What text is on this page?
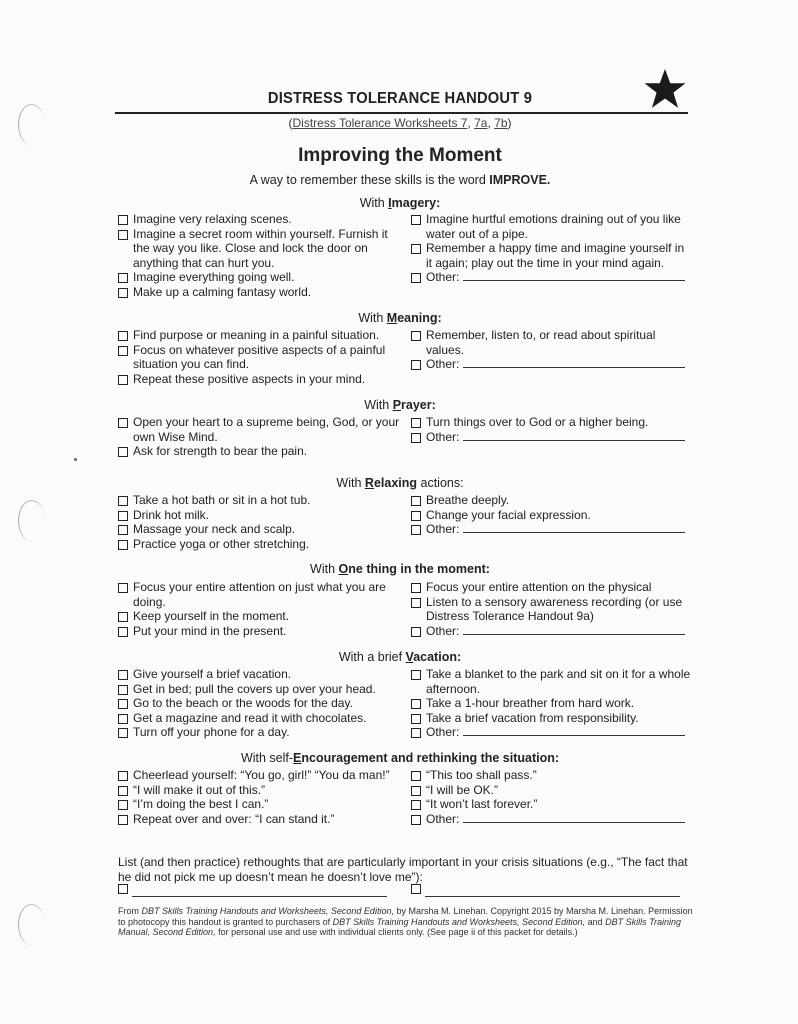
DISTRESS TOLERANCE HANDOUT 9
(Distress Tolerance Worksheets 7, 7a, 7b)
Improving the Moment
A way to remember these skills is the word IMPROVE.
With Imagery:
Imagine very relaxing scenes.
Imagine a secret room within yourself. Furnish it the way you like. Close and lock the door on anything that can hurt you.
Imagine everything going well.
Make up a calming fantasy world.
Imagine hurtful emotions draining out of you like water out of a pipe.
Remember a happy time and imagine yourself in it again; play out the time in your mind again.
Other:
With Meaning:
Find purpose or meaning in a painful situation.
Focus on whatever positive aspects of a painful situation you can find.
Repeat these positive aspects in your mind.
Remember, listen to, or read about spiritual values.
Other:
With Prayer:
Open your heart to a supreme being, God, or your own Wise Mind.
Ask for strength to bear the pain.
Turn things over to God or a higher being.
Other:
With Relaxing actions:
Take a hot bath or sit in a hot tub.
Drink hot milk.
Massage your neck and scalp.
Practice yoga or other stretching.
Breathe deeply.
Change your facial expression.
Other:
With One thing in the moment:
Focus your entire attention on just what you are doing.
Keep yourself in the moment.
Put your mind in the present.
Focus your entire attention on the physical
Listen to a sensory awareness recording (or use Distress Tolerance Handout 9a)
Other:
With a brief Vacation:
Give yourself a brief vacation.
Get in bed; pull the covers up over your head.
Go to the beach or the woods for the day.
Get a magazine and read it with chocolates.
Turn off your phone for a day.
Take a blanket to the park and sit on it for a whole afternoon.
Take a 1-hour breather from hard work.
Take a brief vacation from responsibility.
Other:
With self-Encouragement and rethinking the situation:
Cheerlead yourself: “You go, girl!” “You da man!”
“I will make it out of this.”
“I’m doing the best I can.”
Repeat over and over: “I can stand it.”
“This too shall pass.”
“I will be OK.”
“It won’t last forever.”
Other:
List (and then practice) rethoughts that are particularly important in your crisis situations (e.g., “The fact that he did not pick me up doesn’t mean he doesn’t love me”):
From DBT Skills Training Handouts and Worksheets, Second Edition, by Marsha M. Linehan. Copyright 2015 by Marsha M. Linehan. Permission to photocopy this handout is granted to purchasers of DBT Skills Training Handouts and Worksheets, Second Edition, and DBT Skills Training Manual, Second Edition, for personal use and use with individual clients only. (See page ii of this packet for details.)
